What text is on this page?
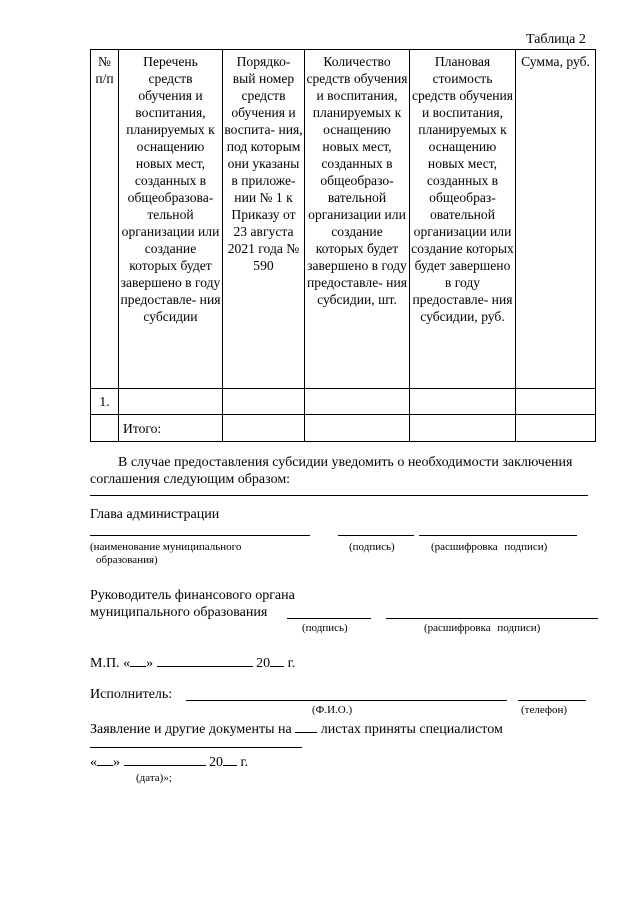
Таблица 2
№ п/п	Перечень средств обучения и воспитания, планируемых к оснащению новых мест, созданных в общеобразова- тельной организации или создание которых будет завершено в году предоставле- ния субсидии	Порядко- вый номер средств обучения и воспита- ния, под которым они указаны в приложе- нии № 1 к Приказу от 23 августа 2021 года № 590	Количество средств обучения и воспитания, планируемых к оснащению новых мест, созданных в общеобразо- вательной организации или создание которых будет завершено в году предоставле- ния субсидии, шт.	Плановая стоимость средств обучения и воспитания, планируемых к оснащению новых мест, созданных в общеобраз- овательной организации или создание которых будет завершено в году предоставле- ния субсидии, руб.	Сумма, руб.
1.					
	Итого:				
В случае предоставления субсидии уведомить о необходимости заключения
соглашения следующим образом:
Глава администрации
(наименование муниципального
образования)
(подпись)	(расшифровка подписи)
Руководитель финансового органа
муниципального образования
(подпись)	(расшифровка подписи)
М.П. « »	20 г.
Исполнитель:
(Ф.И.О.)	(телефон)
Заявление и другие документы на листах приняты специалистом
« »	20 г.
(дата)»;
